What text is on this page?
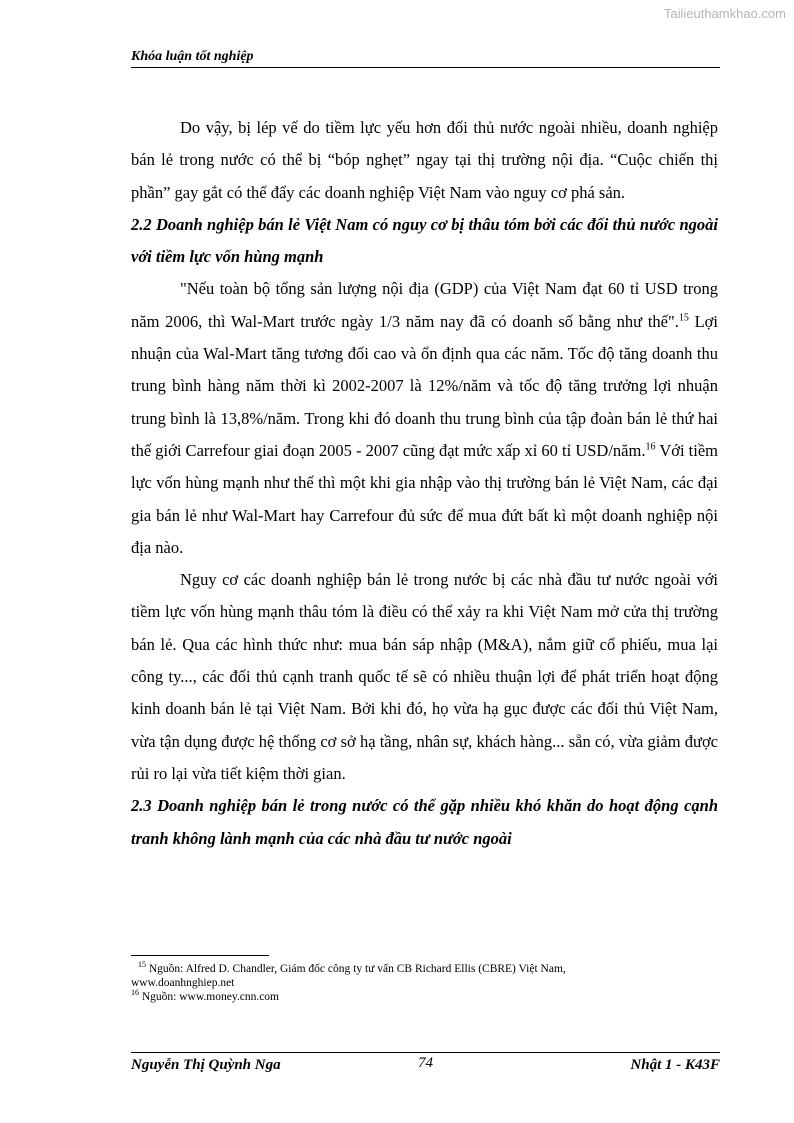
Tailieuthamkhao.com
Khóa luận tốt nghiệp

Do vậy, bị lép vế do tiềm lực yếu hơn đối thủ nước ngoài nhiều, doanh nghiệp bán lẻ trong nước có thể bị “bóp nghẹt” ngay tại thị trường nội địa. “Cuộc chiến thị phần” gay gắt có thể đẩy các doanh nghiệp Việt Nam vào nguy cơ phá sản.

2.2 Doanh nghiệp bán lẻ Việt Nam có nguy cơ bị thâu tóm bởi các đối thủ nước ngoài với tiềm lực vốn hùng mạnh

"Nếu toàn bộ tổng sản lượng nội địa (GDP) của Việt Nam đạt 60 tỉ USD trong năm 2006, thì Wal-Mart trước ngày 1/3 năm nay đã có doanh số bằng như thế".$^{15}$ Lợi nhuận của Wal-Mart tăng tương đối cao và ổn định qua các năm. Tốc độ tăng doanh thu trung bình hàng năm thời kì 2002-2007 là 12%/năm và tốc độ tăng trưởng lợi nhuận trung bình là 13,8%/năm. Trong khi đó doanh thu trung bình của tập đoàn bán lẻ thứ hai thế giới Carrefour giai đoạn 2005 - 2007 cũng đạt mức xấp xỉ 60 tỉ USD/năm.$^{16}$ Với tiềm lực vốn hùng mạnh như thế thì một khi gia nhập vào thị trường bán lẻ Việt Nam, các đại gia bán lẻ như Wal-Mart hay Carrefour đủ sức để mua đứt bất kì một doanh nghiệp nội địa nào.

Nguy cơ các doanh nghiệp bán lẻ trong nước bị các nhà đầu tư nước ngoài với tiềm lực vốn hùng mạnh thâu tóm là điều có thể xảy ra khi Việt Nam mở cửa thị trường bán lẻ. Qua các hình thức như: mua bán sáp nhập (M&A), nắm giữ cổ phiếu, mua lại công ty..., các đối thủ cạnh tranh quốc tế sẽ có nhiều thuận lợi để phát triển hoạt động kinh doanh bán lẻ tại Việt Nam. Bởi khi đó, họ vừa hạ gục được các đối thủ Việt Nam, vừa tận dụng được hệ thống cơ sở hạ tầng, nhân sự, khách hàng... sẵn có, vừa giảm được rủi ro lại vừa tiết kiệm thời gian.

2.3 Doanh nghiệp bán lẻ trong nước có thể gặp nhiều khó khăn do hoạt động cạnh tranh không lành mạnh của các nhà đầu tư nước ngoài
$^{15}$ Nguồn: Alfred D. Chandler, Giám đốc công ty tư vấn CB Richard Ellis (CBRE) Việt Nam,
www.doanhnghiep.net
$^{16}$ Nguồn: www.money.cnn.com
Nguyễn Thị Quỳnh Nga	74	Nhật 1 - K43F
